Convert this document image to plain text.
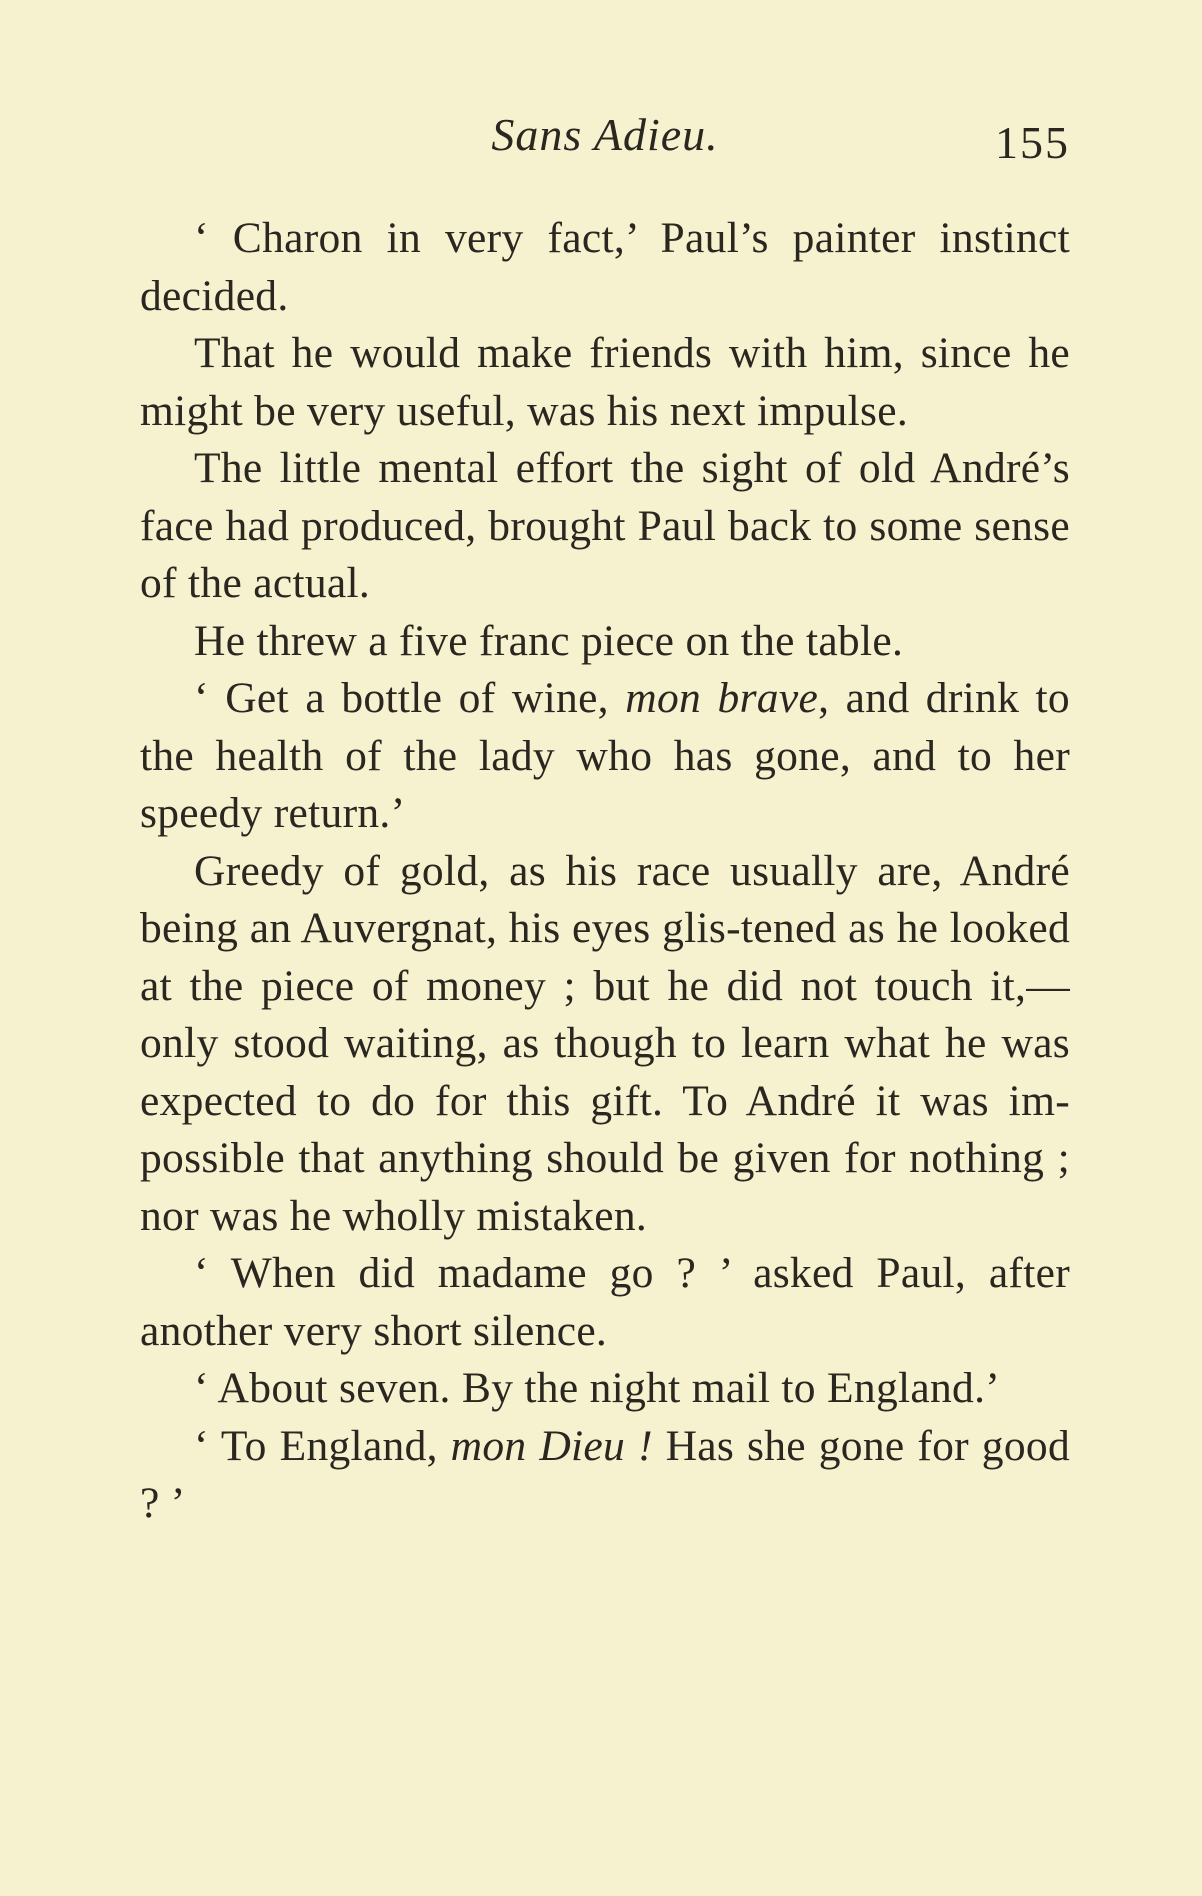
Sans Adieu.	155

‘ Charon in very fact,’ Paul’s painter instinct decided.

That he would make friends with him, since he might be very useful, was his next impulse.

The little mental effort the sight of old André’s face had produced, brought Paul back to some sense of the actual.

He threw a five franc piece on the table.

‘ Get a bottle of wine, mon brave, and drink to the health of the lady who has gone, and to her speedy return.’

Greedy of gold, as his race usually are, André being an Auvergnat, his eyes glis-tened as he looked at the piece of money ; but he did not touch it,—only stood waiting, as though to learn what he was expected to do for this gift. To André it was im-possible that anything should be given for nothing ; nor was he wholly mistaken.

‘ When did madame go ? ’ asked Paul, after another very short silence.

‘ About seven. By the night mail to England.’

‘ To England, mon Dieu ! Has she gone for good ? ’
